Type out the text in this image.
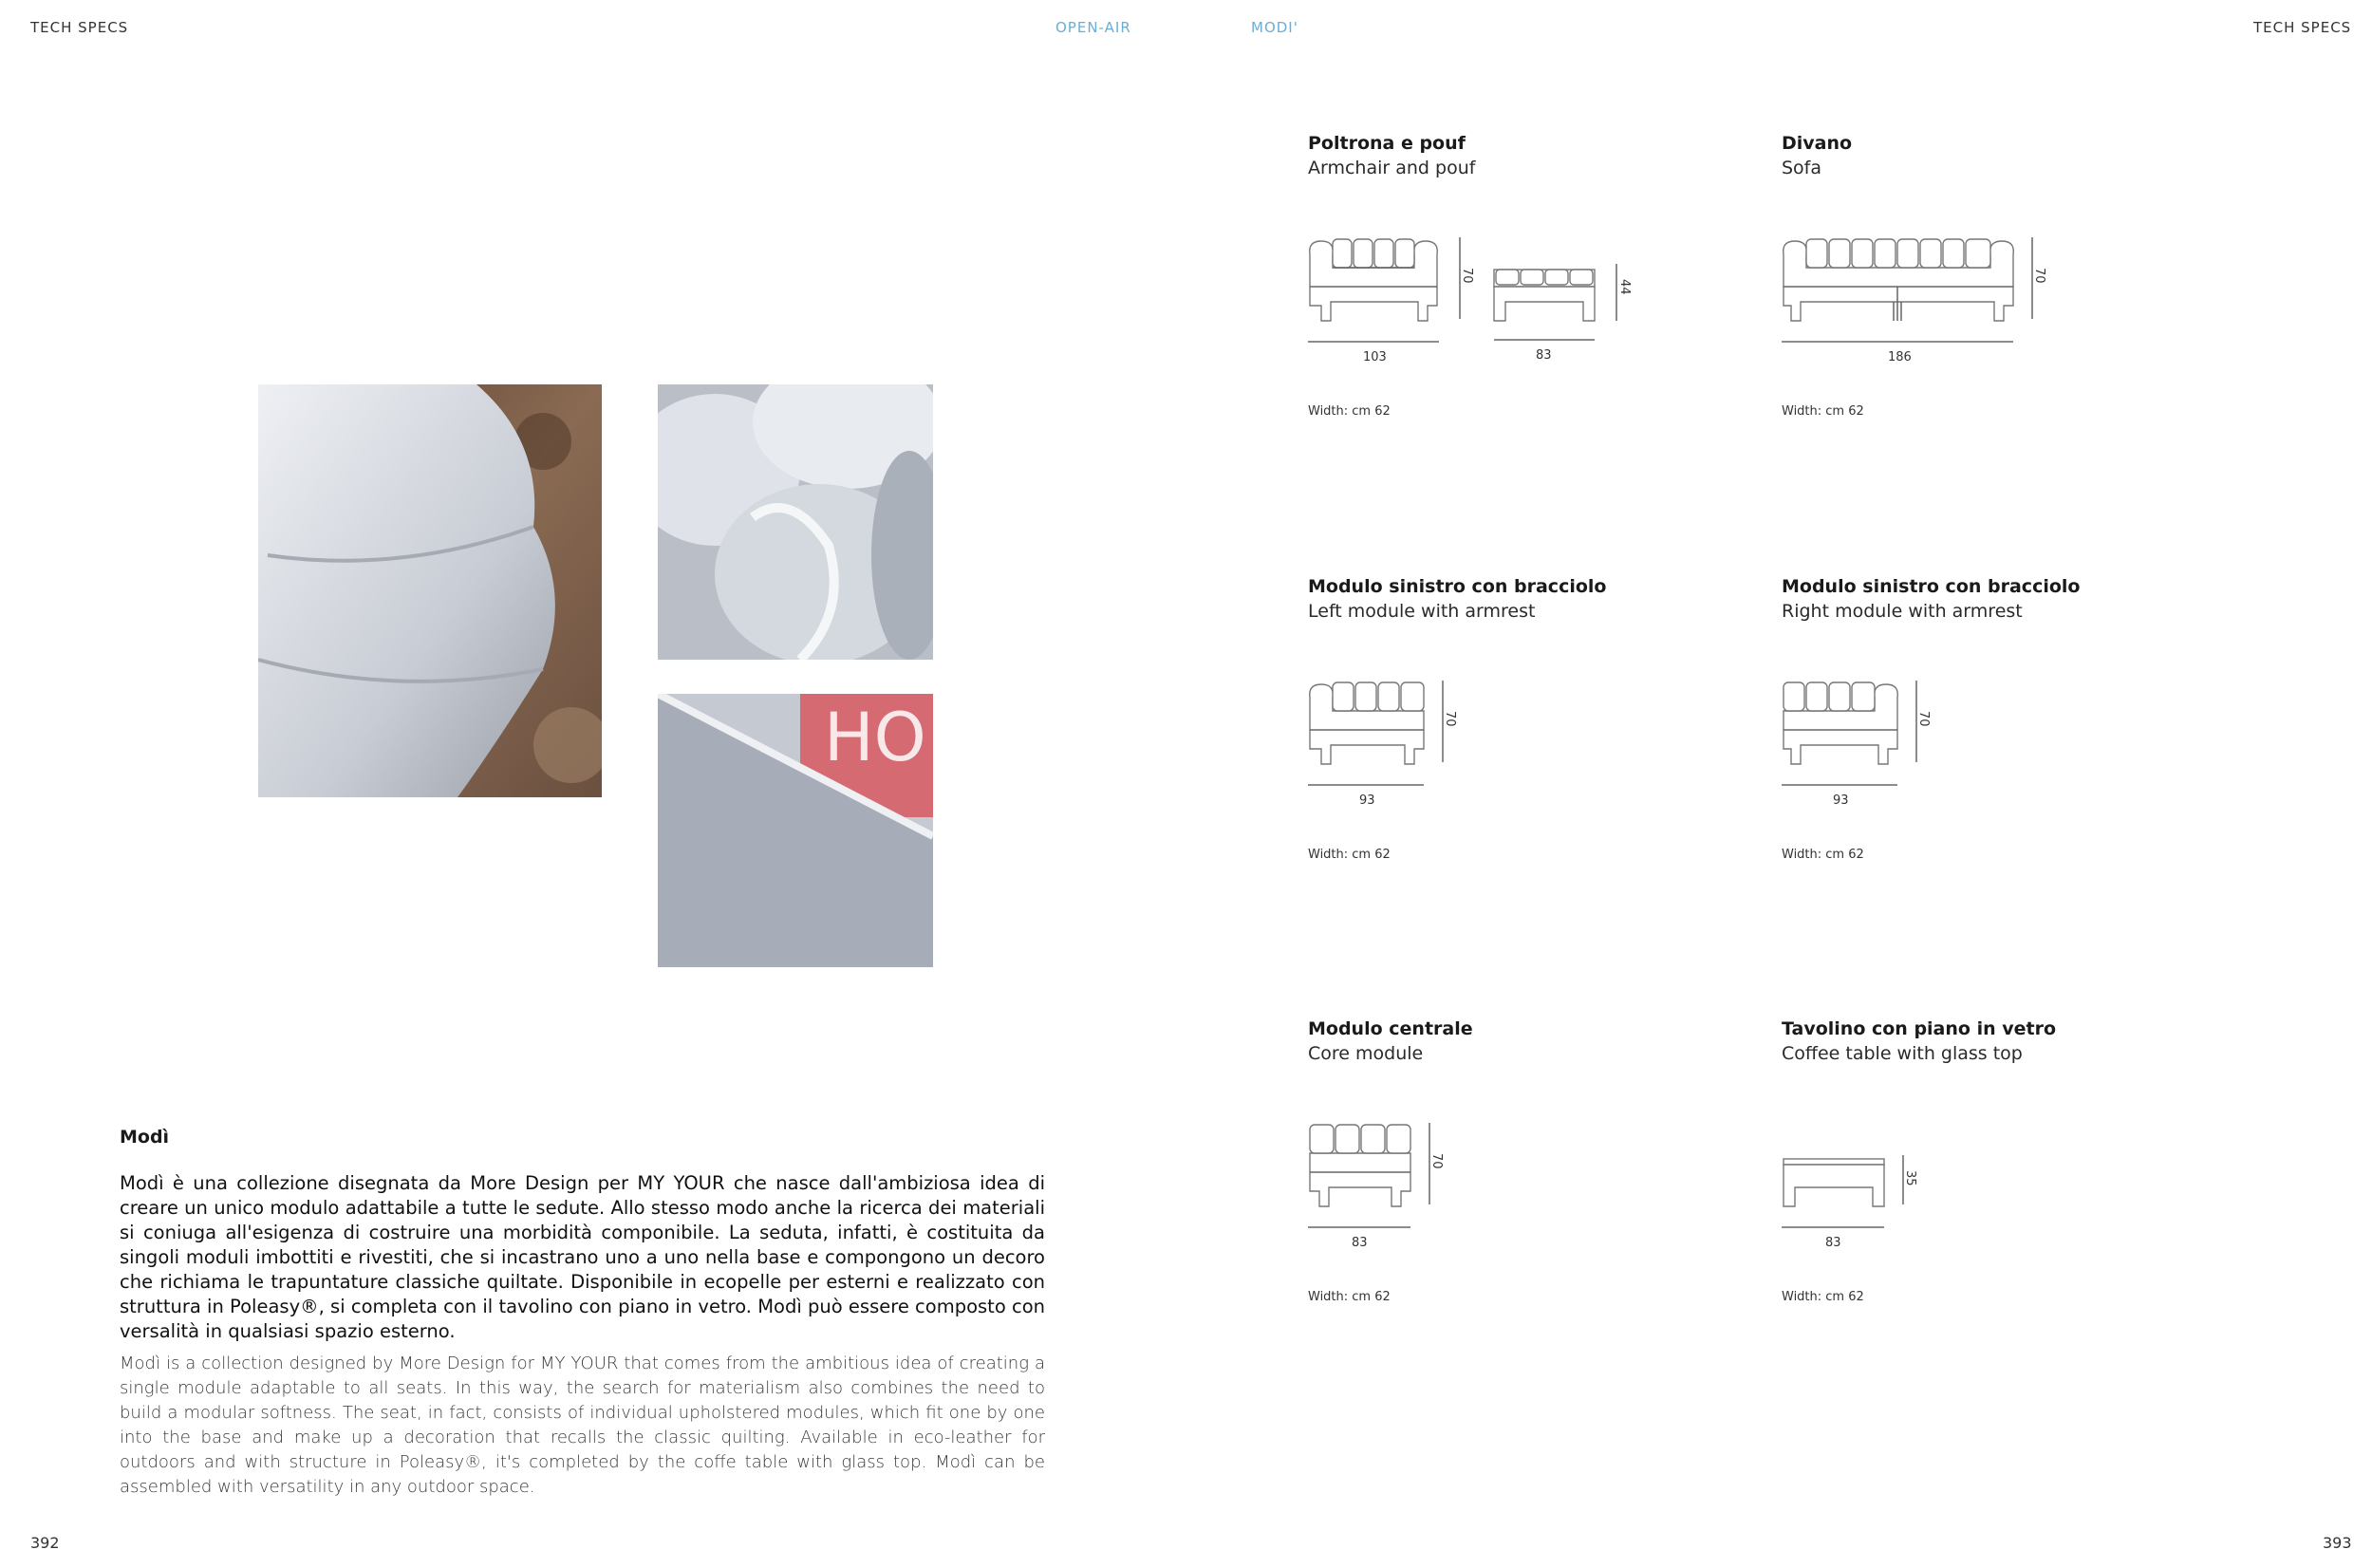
TECH SPECS	OPEN-AIR	MODI'	TECH SPECS
HO
Modì

Modì è una collezione disegnata da More Design per MY YOUR che nasce dall'ambiziosa idea di creare un unico modulo adattabile a tutte le sedute. Allo stesso modo anche la ricerca dei materiali si coniuga all'esigenza di costruire una morbidità componibile. La seduta, infatti, è costituita da singoli moduli imbottiti e rivestiti, che si incastrano uno a uno nella base e compongono un decoro che richiama le trapuntature classiche quiltate. Disponibile in ecopelle per esterni e realizzato con struttura in Poleasy®, si completa con il tavolino con piano in vetro. Modì può essere composto con versalità in qualsiasi spazio esterno.

Modì is a collection designed by More Design for MY YOUR that comes from the ambitious idea of creating a single module adaptable to all seats. In this way, the search for materialism also combines the need to build a modular softness. The seat, in fact, consists of individual upholstered modules, which fit one by one into the base and make up a decoration that recalls the classic quilting. Available in eco-leather for outdoors and with structure in Poleasy®, it's completed by the coffe table with glass top. Modì can be assembled with versatility in any outdoor space.

Poltrona e pouf
Armchair and pouf
70
103
44
83
Width: cm 62
Divano
Sofa
70
186
Width: cm 62
Modulo sinistro con bracciolo
Left module with armrest
70
93
Width: cm 62
Modulo sinistro con bracciolo
Right module with armrest
70
93
Width: cm 62
Modulo centrale
Core module
70
83
Width: cm 62
Tavolino con piano in vetro
Coffee table with glass top
35
83
Width: cm 62
392	393
